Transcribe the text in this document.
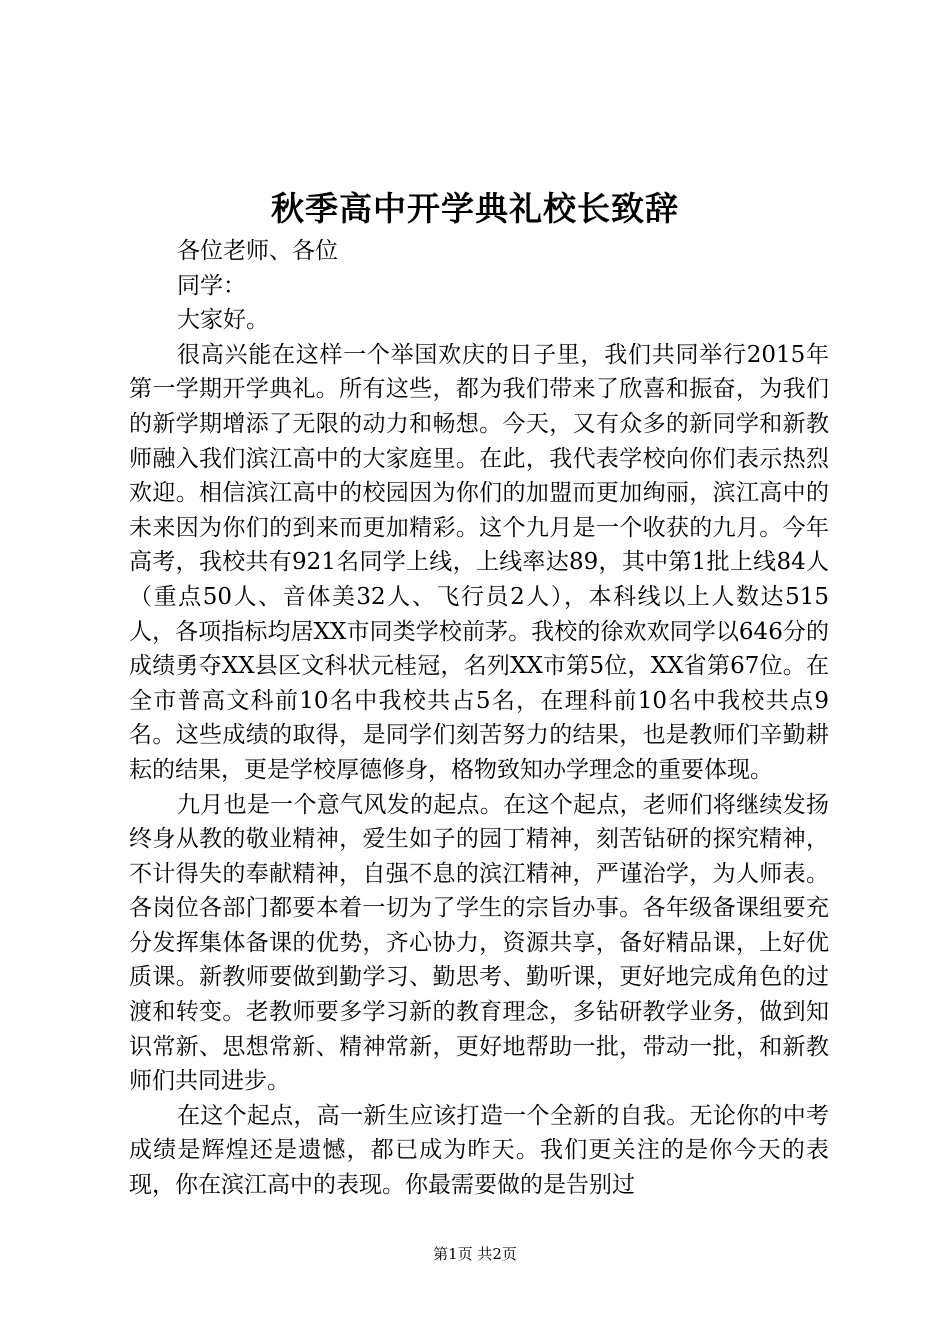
秋季高中开学典礼校长致辞

各位老师、各位

同学：

大家好。

很高兴能在这样一个举国欢庆的日子里，我们共同举行2015年第一学期开学典礼。所有这些，都为我们带来了欣喜和振奋，为我们的新学期增添了无限的动力和畅想。今天，又有众多的新同学和新教师融入我们滨江高中的大家庭里。在此，我代表学校向你们表示热烈欢迎。相信滨江高中的校园因为你们的加盟而更加绚丽，滨江高中的未来因为你们的到来而更加精彩。这个九月是一个收获的九月。今年高考，我校共有921名同学上线，上线率达89，其中第1批上线84人（重点50人、音体美32人、飞行员2人），本科线以上人数达515人，各项指标均居XX市同类学校前茅。我校的徐欢欢同学以646分的成绩勇夺XX县区文科状元桂冠，名列XX市第5位，XX省第67位。在全市普高文科前10名中我校共占5名，在理科前10名中我校共点9名。这些成绩的取得，是同学们刻苦努力的结果，也是教师们辛勤耕耘的结果，更是学校厚德修身，格物致知办学理念的重要体现。

九月也是一个意气风发的起点。在这个起点，老师们将继续发扬终身从教的敬业精神，爱生如子的园丁精神，刻苦钻研的探究精神，不计得失的奉献精神，自强不息的滨江精神，严谨治学，为人师表。各岗位各部门都要本着一切为了学生的宗旨办事。各年级备课组要充分发挥集体备课的优势，齐心协力，资源共享，备好精品课，上好优质课。新教师要做到勤学习、勤思考、勤听课，更好地完成角色的过渡和转变。老教师要多学习新的教育理念，多钻研教学业务，做到知识常新、思想常新、精神常新，更好地帮助一批，带动一批，和新教师们共同进步。

在这个起点，高一新生应该打造一个全新的自我。无论你的中考成绩是辉煌还是遗憾，都已成为昨天。我们更关注的是你今天的表现，你在滨江高中的表现。你最需要做的是告别过

第1页 共2页
